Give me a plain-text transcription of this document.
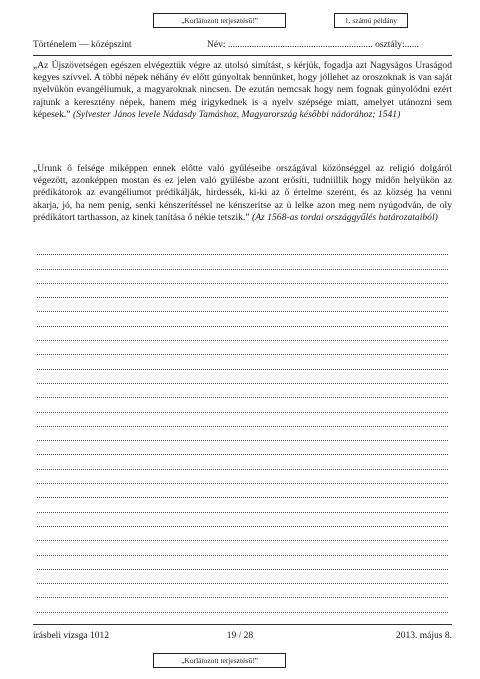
„Korlátozott terjesztésű!”	1. számú példány
Történelem — középszint	Név: ............................................................. osztály:......

„Az Újszövetségen egészen elvégeztük végre az utolsó simítást, s kérjük, fogadja azt Nagyságos Uraságod kegyes szívvel. A többi népek néhány év előtt gúnyoltak bennünket, hogy jóllehet az oroszoknak is van saját nyelvükön evangéliumuk, a magyaroknak nincsen. De ezután nemcsak hogy nem fognak gúnyolódni ezért rajtunk a keresztény népek, hanem még irigykednek is a nyelv szépsége miatt, amelyet utánozni sem képesek.” (Sylvester János levele Nádasdy Tamáshoz, Magyarország későbbi nádorához; 1541)

„Urunk ő felsége miképpen ennek előtte való gyűléseibe országával közönséggel az religió dolgáról végezött, azonképpen mostan és ez jelen való gyűlésbe azont erősíti, tudniillik hogy midőn helyükön az prédikátorok az evangéliumot prédikálják, hirdessék, ki-ki az ő értelme szerént, és az község ha venni akarja, jó, ha nem penig, senki kénszerítéssel ne kénszerítse az ü lelke azon meg nem nyúgodván, de oly prédikátort tarthasson, az kinek tanítása ő nékie tetszik.” (Az 1568-as tordai országgyűlés határozataiból)

írásbeli vizsga 1012	19 / 28	2013. május 8.
„Korlátozott terjesztésű!”
